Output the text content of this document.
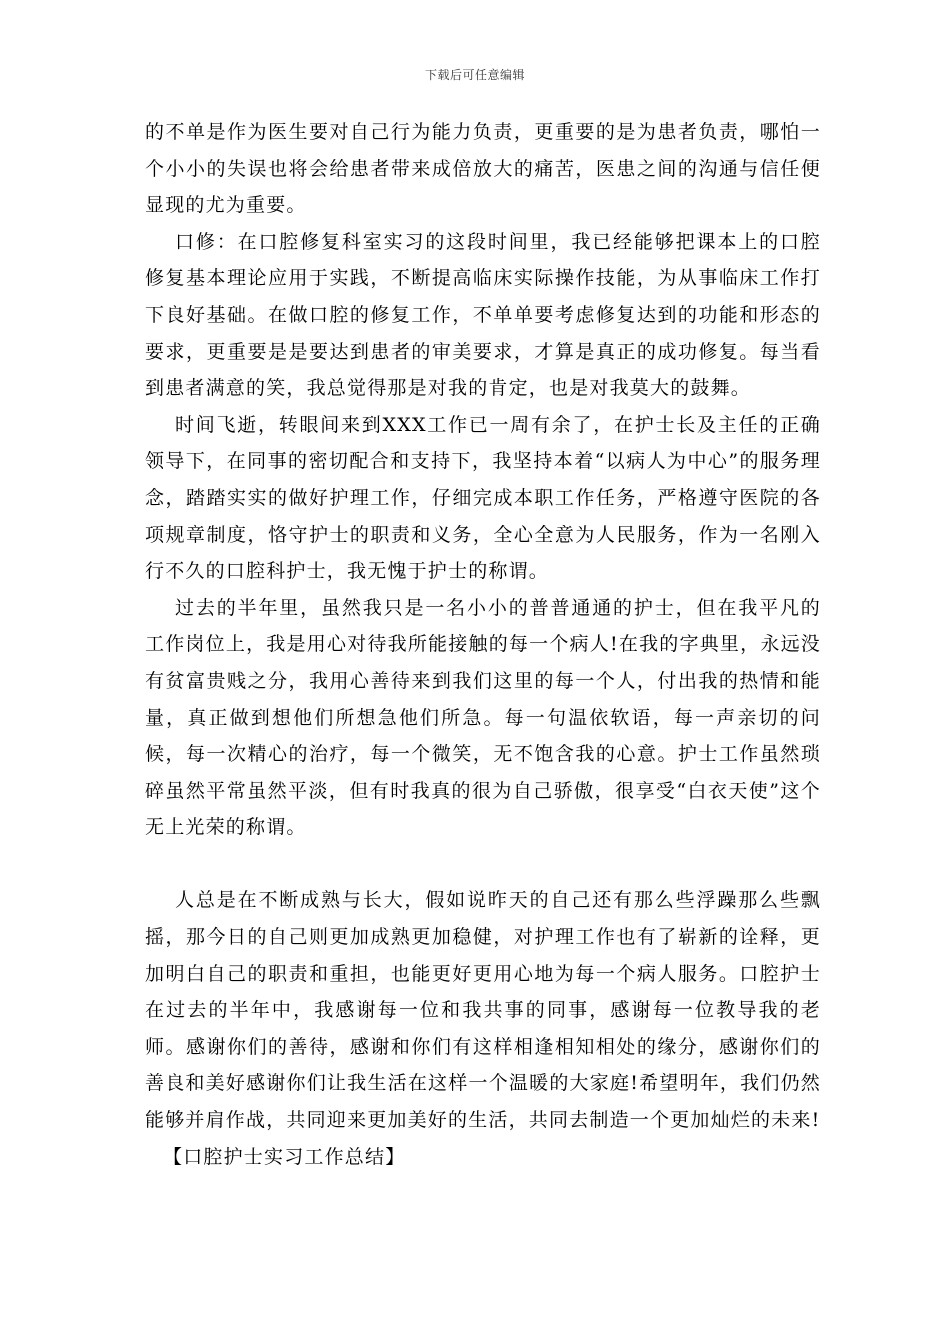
下载后可任意编辑

的不单是作为医生要对自己行为能力负责，更重要的是为患者负责，哪怕一个小小的失误也将会给患者带来成倍放大的痛苦，医患之间的沟通与信任便显现的尤为重要。

口修：在口腔修复科室实习的这段时间里，我已经能够把课本上的口腔修复基本理论应用于实践，不断提高临床实际操作技能，为从事临床工作打下良好基础。在做口腔的修复工作，不单单要考虑修复达到的功能和形态的要求，更重要是是要达到患者的审美要求，才算是真正的成功修复。每当看到患者满意的笑，我总觉得那是对我的肯定，也是对我莫大的鼓舞。

时间飞逝，转眼间来到XXX工作已一周有余了，在护士长及主任的正确领导下，在同事的密切配合和支持下，我坚持本着“以病人为中心”的服务理念，踏踏实实的做好护理工作，仔细完成本职工作任务，严格遵守医院的各项规章制度，恪守护士的职责和义务，全心全意为人民服务，作为一名刚入行不久的口腔科护士，我无愧于护士的称谓。

过去的半年里，虽然我只是一名小小的普普通通的护士，但在我平凡的工作岗位上，我是用心对待我所能接触的每一个病人!在我的字典里，永远没有贫富贵贱之分，我用心善待来到我们这里的每一个人，付出我的热情和能量，真正做到想他们所想急他们所急。每一句温依软语，每一声亲切的问候，每一次精心的治疗，每一个微笑，无不饱含我的心意。护士工作虽然琐碎虽然平常虽然平淡，但有时我真的很为自己骄傲，很享受“白衣天使”这个无上光荣的称谓。

人总是在不断成熟与长大，假如说昨天的自己还有那么些浮躁那么些飘摇，那今日的自己则更加成熟更加稳健，对护理工作也有了崭新的诠释，更加明白自己的职责和重担，也能更好更用心地为每一个病人服务。口腔护士在过去的半年中，我感谢每一位和我共事的同事，感谢每一位教导我的老师。感谢你们的善待，感谢和你们有这样相逢相知相处的缘分，感谢你们的善良和美好感谢你们让我生活在这样一个温暖的大家庭!希望明年，我们仍然能够并肩作战，共同迎来更加美好的生活，共同去制造一个更加灿烂的未来!

【口腔护士实习工作总结】
